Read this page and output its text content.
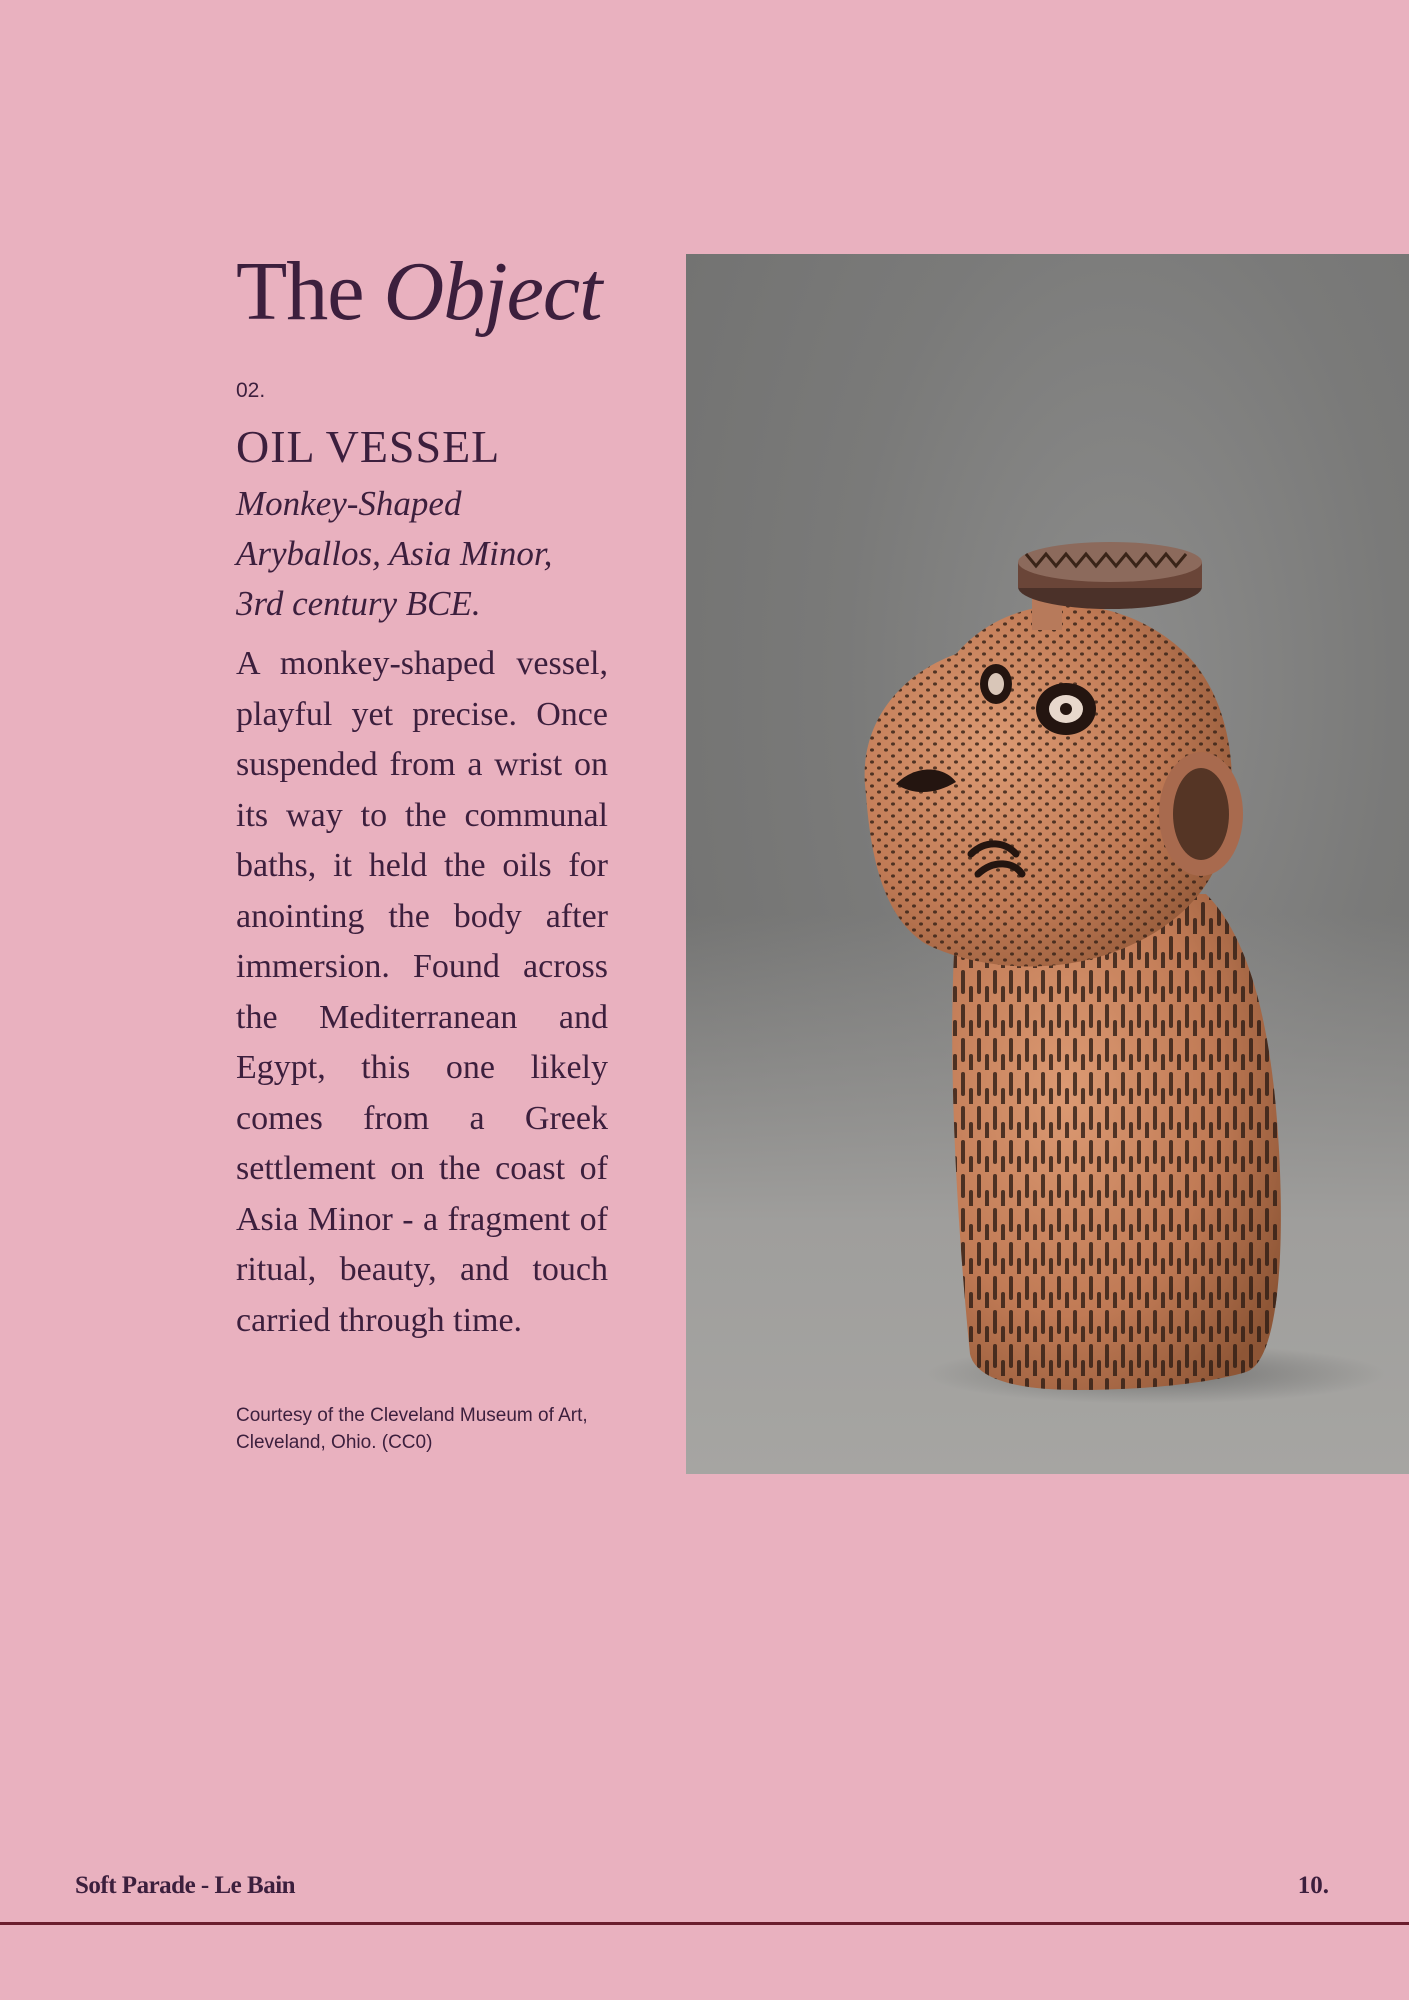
The Object
02.
OIL VESSEL
Monkey-Shaped Aryballos, Asia Minor, 3rd century BCE.
A monkey-shaped vessel, playful yet precise. Once suspended from a wrist on its way to the communal baths, it held the oils for anointing the body after immersion. Found across the Mediterranean and Egypt, this one likely comes from a Greek settlement on the coast of Asia Minor - a fragment of ritual, beauty, and touch carried through time.
Courtesy of the Cleveland Museum of Art, Cleveland, Ohio. (CC0)
Soft Parade - Le Bain	10.
